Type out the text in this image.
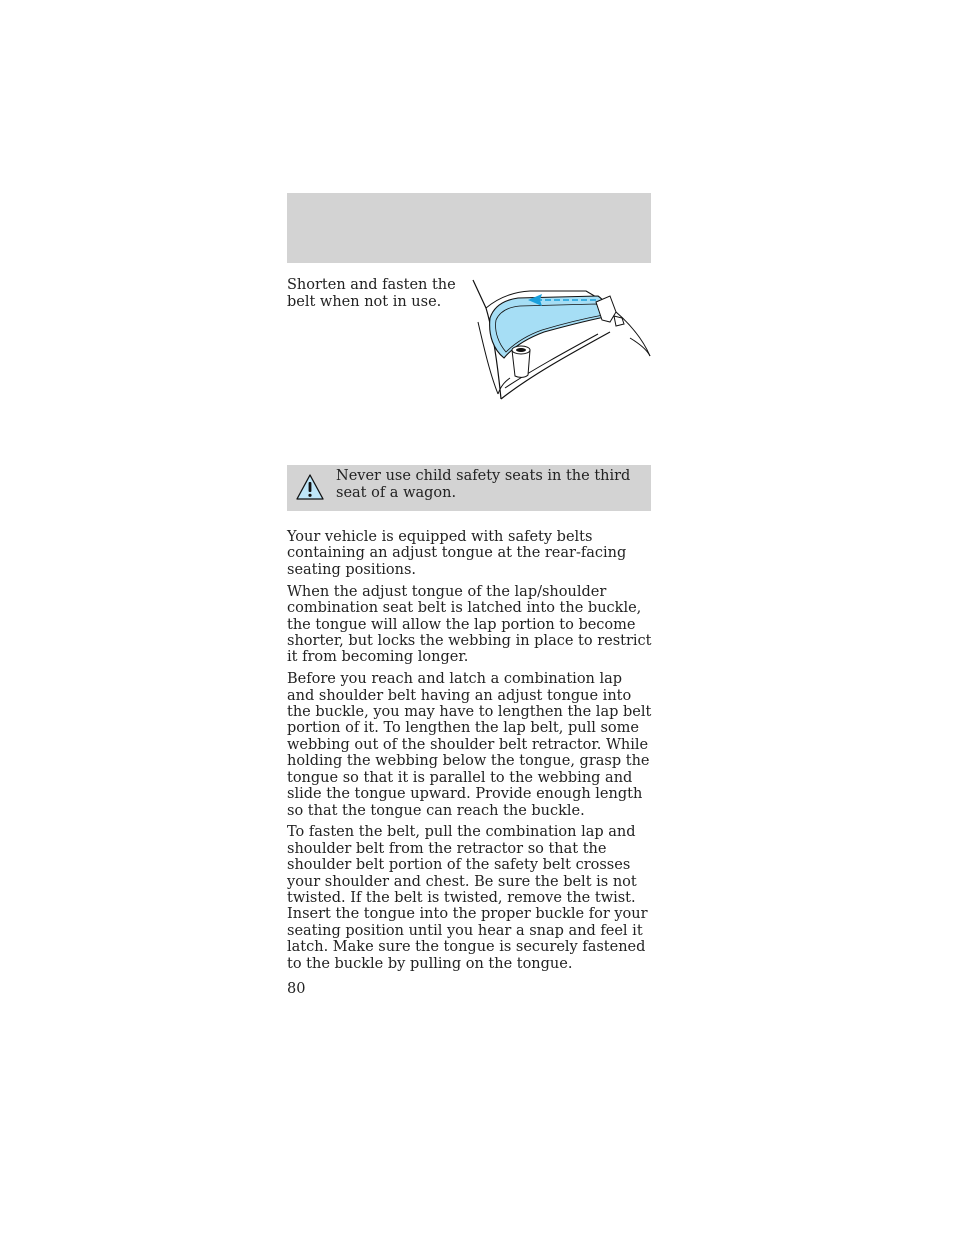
Shorten and fasten the
belt when not in use.
Never use child safety seats in the third seat of a wagon.

Your vehicle is equipped with safety belts containing an adjust tongue at the rear-facing seating positions.

When the adjust tongue of the lap/shoulder combination seat belt is latched into the buckle, the tongue will allow the lap portion to become shorter, but locks the webbing in place to restrict it from becoming longer.

Before you reach and latch a combination lap and shoulder belt having an adjust tongue into the buckle, you may have to lengthen the lap belt portion of it. To lengthen the lap belt, pull some webbing out of the shoulder belt retractor. While holding the webbing below the tongue, grasp the tongue so that it is parallel to the webbing and slide the tongue upward. Provide enough length so that the tongue can reach the buckle.

To fasten the belt, pull the combination lap and shoulder belt from the retractor so that the shoulder belt portion of the safety belt crosses your shoulder and chest. Be sure the belt is not twisted. If the belt is twisted, remove the twist. Insert the tongue into the proper buckle for your seating position until you hear a snap and feel it latch. Make sure the tongue is securely fastened to the buckle by pulling on the tongue.

80
